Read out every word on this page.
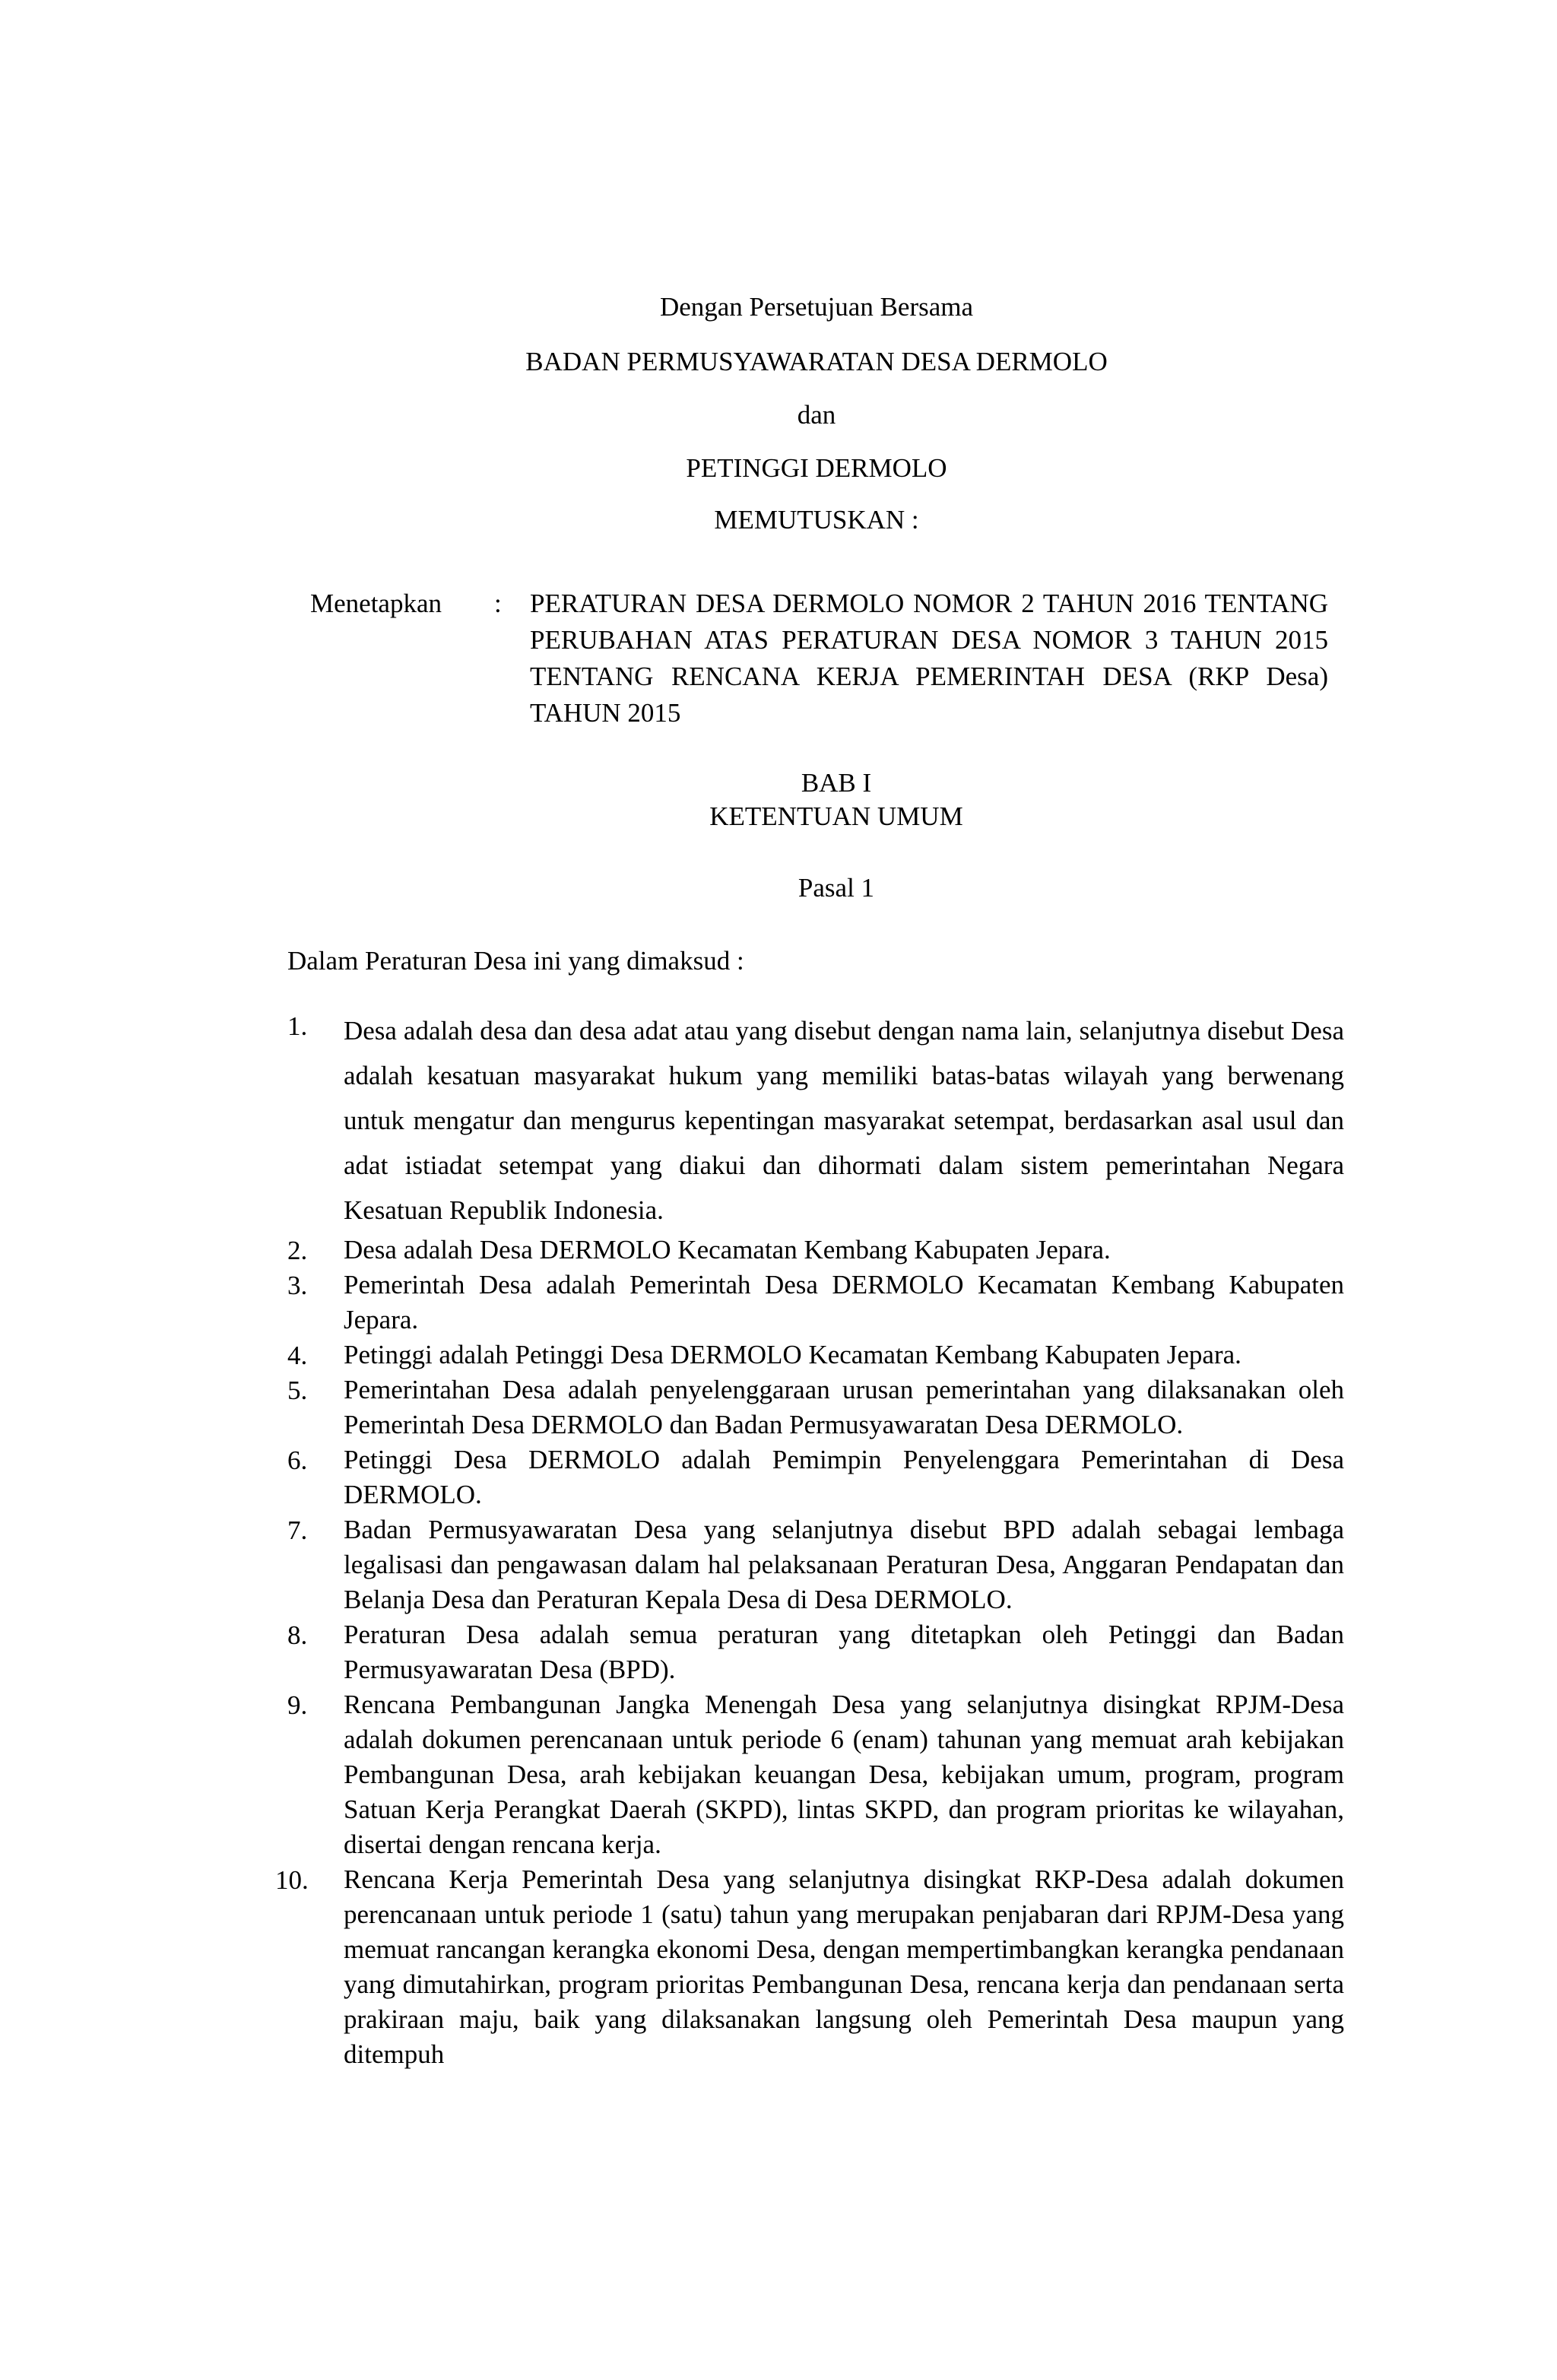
Dengan Persetujuan Bersama

BADAN PERMUSYAWARATAN DESA DERMOLO

dan

PETINGGI DERMOLO

MEMUTUSKAN :

Menetapkan : PERATURAN DESA DERMOLO NOMOR 2 TAHUN 2016 TENTANG PERUBAHAN ATAS PERATURAN DESA NOMOR 3 TAHUN 2015 TENTANG RENCANA KERJA PEMERINTAH DESA (RKP Desa) TAHUN 2015

BAB I

KETENTUAN UMUM

Pasal 1

Dalam Peraturan Desa ini yang dimaksud :

1. Desa adalah desa dan desa adat atau yang disebut dengan nama lain, selanjutnya disebut Desa adalah kesatuan masyarakat hukum yang memiliki batas-batas wilayah yang berwenang untuk mengatur dan mengurus kepentingan masyarakat setempat, berdasarkan asal usul dan adat istiadat setempat yang diakui dan dihormati dalam sistem pemerintahan Negara Kesatuan Republik Indonesia.
2. Desa adalah Desa DERMOLO Kecamatan Kembang Kabupaten Jepara.
3. Pemerintah Desa adalah Pemerintah Desa DERMOLO Kecamatan Kembang Kabupaten Jepara.
4. Petinggi adalah Petinggi Desa DERMOLO Kecamatan Kembang Kabupaten Jepara.
5. Pemerintahan Desa adalah penyelenggaraan urusan pemerintahan yang dilaksanakan oleh Pemerintah Desa DERMOLO dan Badan Permusyawaratan Desa DERMOLO.
6. Petinggi Desa DERMOLO adalah Pemimpin Penyelenggara Pemerintahan di Desa DERMOLO.
7. Badan Permusyawaratan Desa yang selanjutnya disebut BPD adalah sebagai lembaga legalisasi dan pengawasan dalam hal pelaksanaan Peraturan Desa, Anggaran Pendapatan dan Belanja Desa dan Peraturan Kepala Desa di Desa DERMOLO.
8. Peraturan Desa adalah semua peraturan yang ditetapkan oleh Petinggi dan Badan Permusyawaratan Desa (BPD).
9. Rencana Pembangunan Jangka Menengah Desa yang selanjutnya disingkat RPJM-Desa adalah dokumen perencanaan untuk periode 6 (enam) tahunan yang memuat arah kebijakan Pembangunan Desa, arah kebijakan keuangan Desa, kebijakan umum, program, program Satuan Kerja Perangkat Daerah (SKPD), lintas SKPD, dan program prioritas ke wilayahan, disertai dengan rencana kerja.
10. Rencana Kerja Pemerintah Desa yang selanjutnya disingkat RKP-Desa adalah dokumen perencanaan untuk periode 1 (satu) tahun yang merupakan penjabaran dari RPJM-Desa yang memuat rancangan kerangka ekonomi Desa, dengan mempertimbangkan kerangka pendanaan yang dimutahirkan, program prioritas Pembangunan Desa, rencana kerja dan pendanaan serta prakiraan maju, baik yang dilaksanakan langsung oleh Pemerintah Desa maupun yang ditempuh
